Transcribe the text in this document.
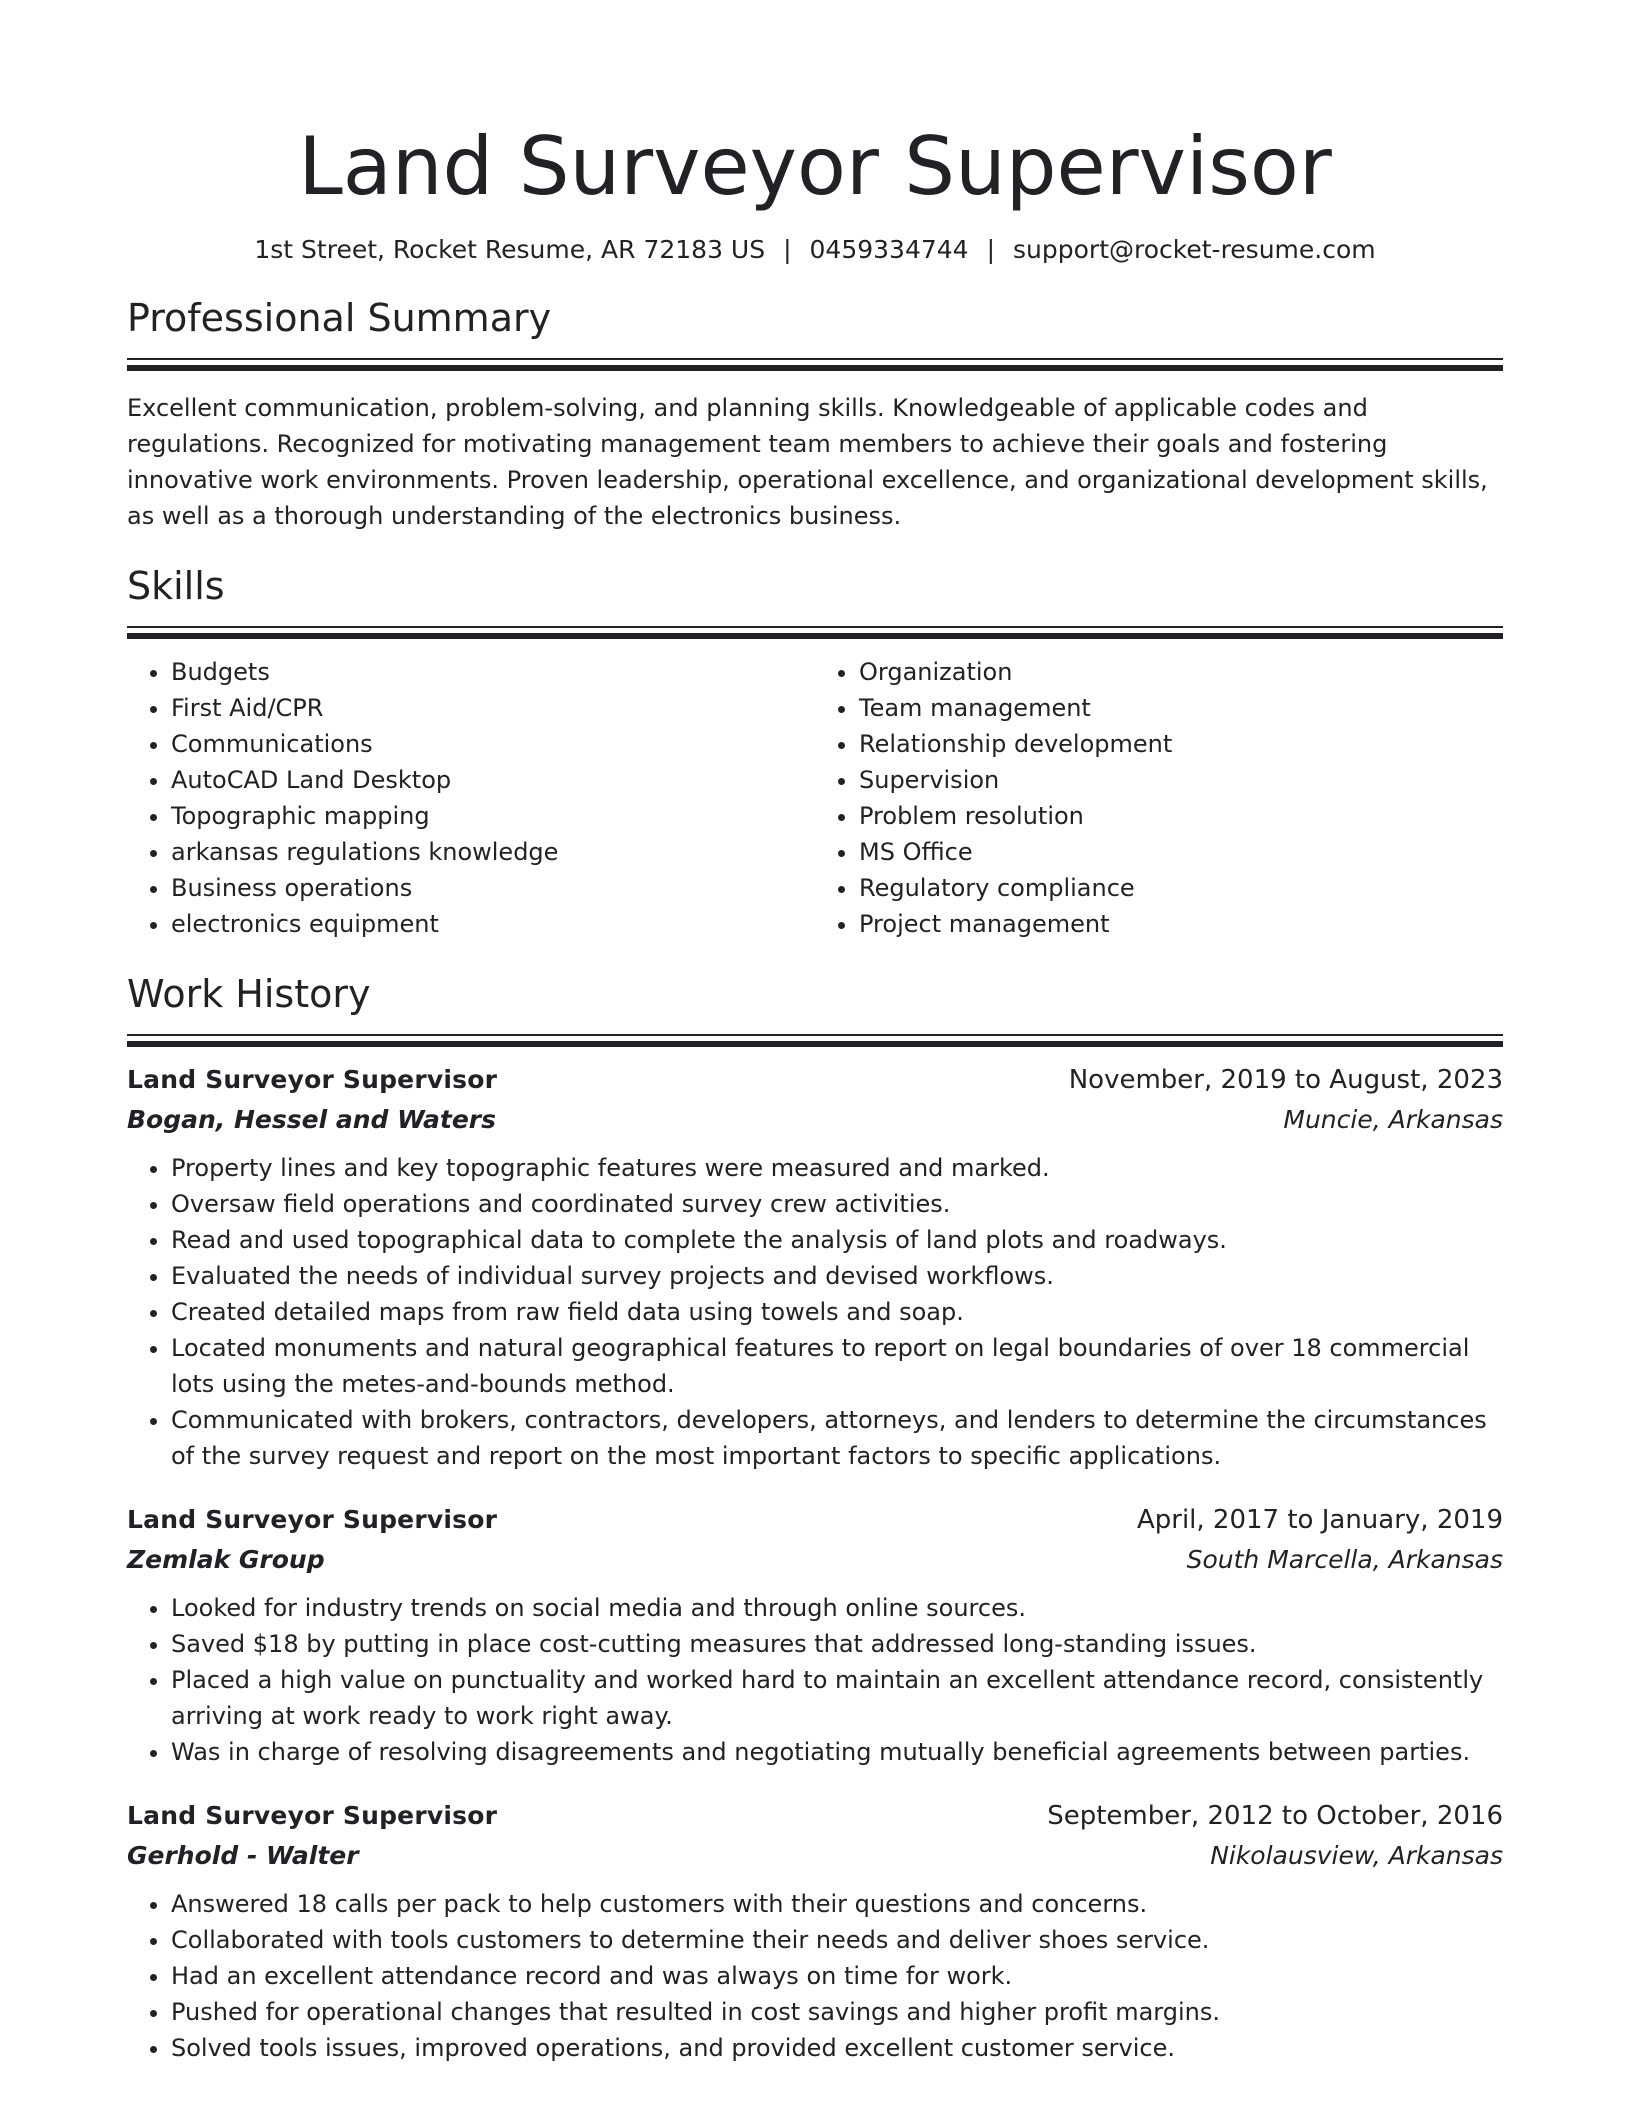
Land Surveyor Supervisor
1st Street, Rocket Resume, AR 72183 US | 0459334744 | support@rocket-resume.com
Professional Summary
Excellent communication, problem-solving, and planning skills. Knowledgeable of applicable codes and regulations. Recognized for motivating management team members to achieve their goals and fostering innovative work environments. Proven leadership, operational excellence, and organizational development skills, as well as a thorough understanding of the electronics business.
Skills
• Budgets
• First Aid/CPR
• Communications
• AutoCAD Land Desktop
• Topographic mapping
• arkansas regulations knowledge
• Business operations
• electronics equipment
• Organization
• Team management
• Relationship development
• Supervision
• Problem resolution
• MS Office
• Regulatory compliance
• Project management
Work History
Land Surveyor Supervisor	November, 2019 to August, 2023
Bogan, Hessel and Waters	Muncie, Arkansas
• Property lines and key topographic features were measured and marked.
• Oversaw field operations and coordinated survey crew activities.
• Read and used topographical data to complete the analysis of land plots and roadways.
• Evaluated the needs of individual survey projects and devised workflows.
• Created detailed maps from raw field data using towels and soap.
• Located monuments and natural geographical features to report on legal boundaries of over 18 commercial lots using the metes-and-bounds method.
• Communicated with brokers, contractors, developers, attorneys, and lenders to determine the circumstances of the survey request and report on the most important factors to specific applications.
Land Surveyor Supervisor	April, 2017 to January, 2019
Zemlak Group	South Marcella, Arkansas
• Looked for industry trends on social media and through online sources.
• Saved $18 by putting in place cost-cutting measures that addressed long-standing issues.
• Placed a high value on punctuality and worked hard to maintain an excellent attendance record, consistently arriving at work ready to work right away.
• Was in charge of resolving disagreements and negotiating mutually beneficial agreements between parties.
Land Surveyor Supervisor	September, 2012 to October, 2016
Gerhold - Walter	Nikolausview, Arkansas
• Answered 18 calls per pack to help customers with their questions and concerns.
• Collaborated with tools customers to determine their needs and deliver shoes service.
• Had an excellent attendance record and was always on time for work.
• Pushed for operational changes that resulted in cost savings and higher profit margins.
• Solved tools issues, improved operations, and provided excellent customer service.
